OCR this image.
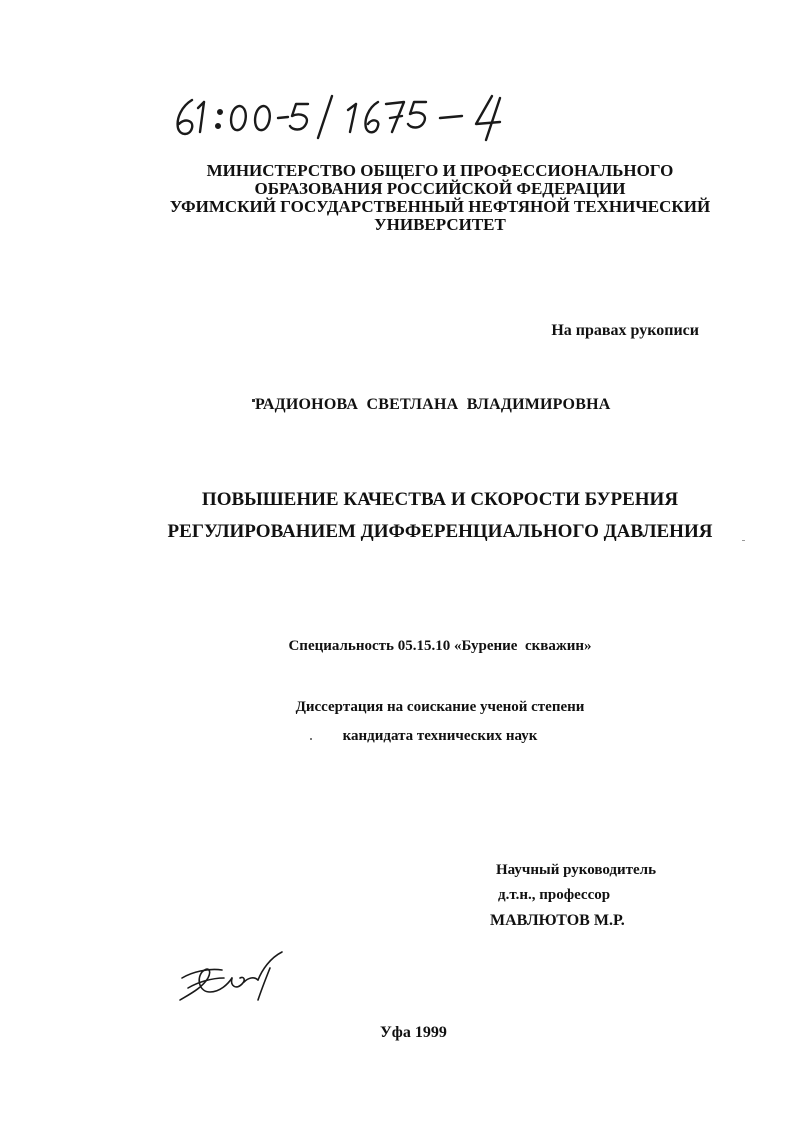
МИНИСТЕРСТВО ОБЩЕГО И ПРОФЕССИОНАЛЬНОГО
ОБРАЗОВАНИЯ РОССИЙСКОЙ ФЕДЕРАЦИИ
УФИМСКИЙ ГОСУДАРСТВЕННЫЙ НЕФТЯНОЙ ТЕХНИЧЕСКИЙ
УНИВЕРСИТЕТ
На правах рукописи
РАДИОНОВА  СВЕТЛАНА  ВЛАДИМИРОВНА
ПОВЫШЕНИЕ КАЧЕСТВА И СКОРОСТИ БУРЕНИЯ
РЕГУЛИРОВАНИЕМ ДИФФЕРЕНЦИАЛЬНОГО ДАВЛЕНИЯ
Специальность 05.15.10 «Бурение  скважин»
Диссертация на соискание ученой степени
кандидата технических наук
Научный руководитель
д.т.н., профессор
МАВЛЮТОВ М.Р.
Уфа 1999
